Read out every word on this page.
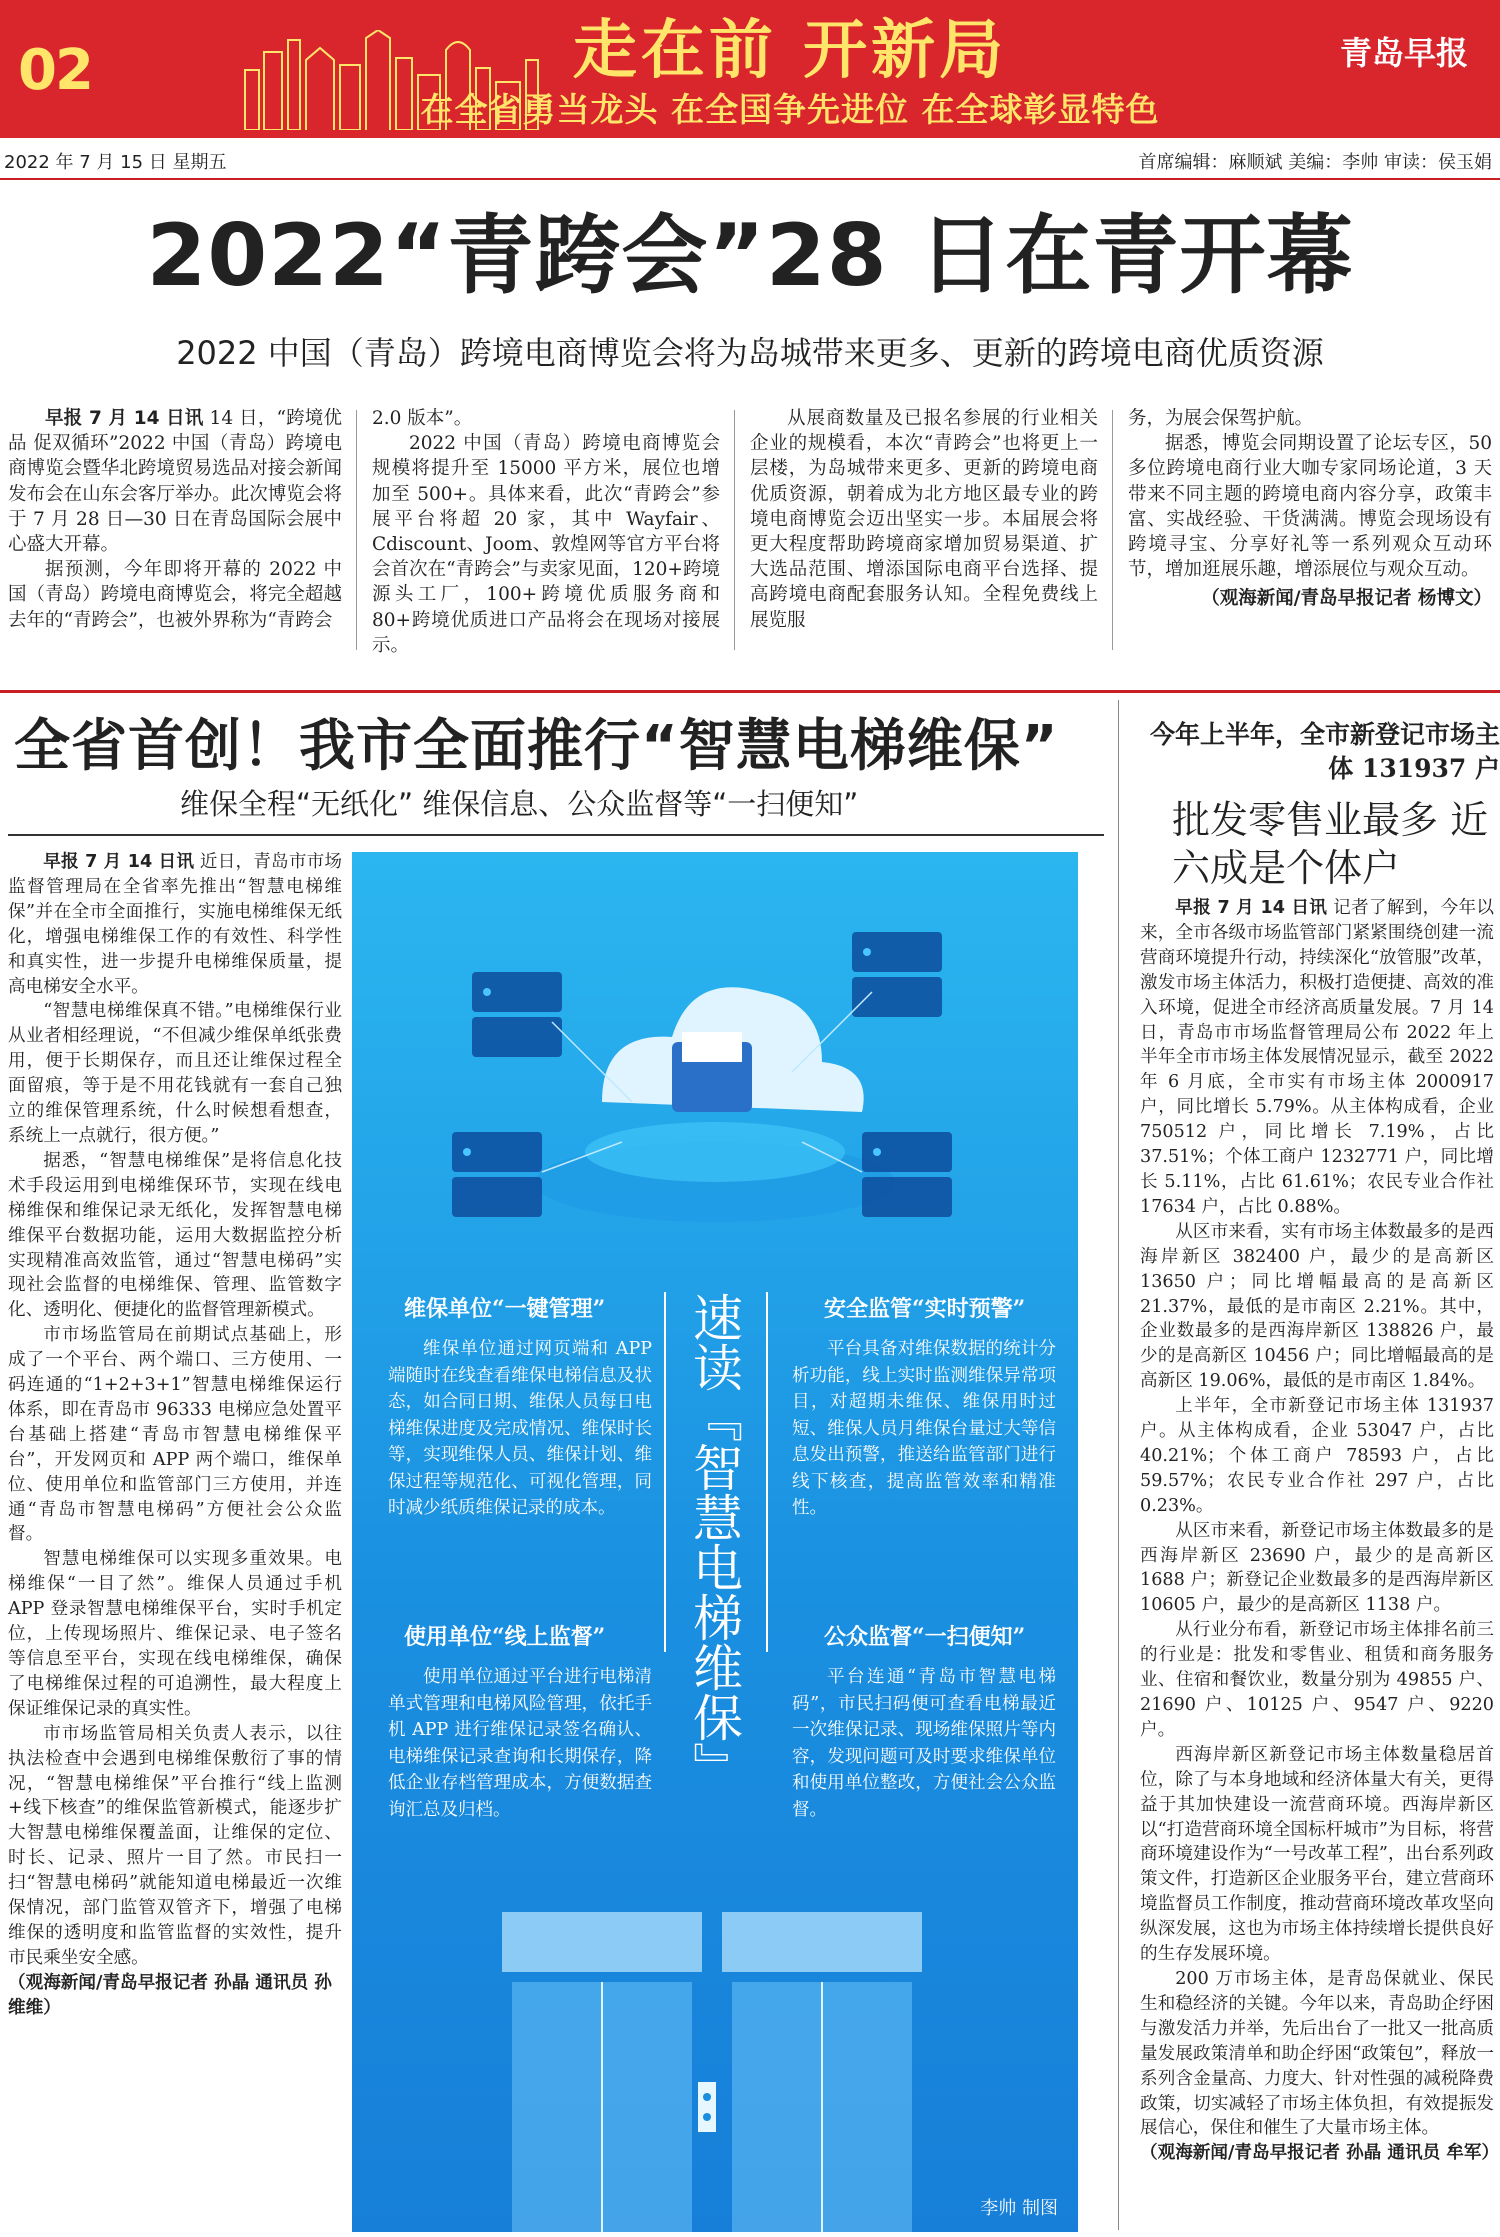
02	走在前 开新局
在全省勇当龙头 在全国争先进位 在全球彰显特色
青岛早报
2022 年 7 月 15 日 星期五	首席编辑：麻顺斌 美编：李帅 审读：侯玉娟
2022“青跨会”28 日在青开幕
2022 中国（青岛）跨境电商博览会将为岛城带来更多、更新的跨境电商优质资源

早报 7 月 14 日讯 14 日，“跨境优品 促双循环”2022 中国（青岛）跨境电商博览会暨华北跨境贸易选品对接会新闻发布会在山东会客厅举办。此次博览会将于 7 月 28 日—30 日在青岛国际会展中心盛大开幕。

据预测，今年即将开幕的 2022 中国（青岛）跨境电商博览会，将完全超越去年的“青跨会”，也被外界称为“青跨会

2.0 版本”。

2022 中国（青岛）跨境电商博览会规模将提升至 15000 平方米，展位也增加至 500+。具体来看，此次“青跨会”参展平台将超 20 家，其中 Wayfair、Cdiscount、Joom、敦煌网等官方平台将会首次在“青跨会”与卖家见面，120+跨境源头工厂，100+跨境优质服务商和 80+跨境优质进口产品将会在现场对接展示。

从展商数量及已报名参展的行业相关企业的规模看，本次“青跨会”也将更上一层楼，为岛城带来更多、更新的跨境电商优质资源，朝着成为北方地区最专业的跨境电商博览会迈出坚实一步。本届展会将更大程度帮助跨境商家增加贸易渠道、扩大选品范围、增添国际电商平台选择、提高跨境电商配套服务认知。全程免费线上展览服

务，为展会保驾护航。

据悉，博览会同期设置了论坛专区，50 多位跨境电商行业大咖专家同场论道，3 天带来不同主题的跨境电商内容分享，政策丰富、实战经验、干货满满。博览会现场设有跨境寻宝、分享好礼等一系列观众互动环节，增加逛展乐趣，增添展位与观众互动。

（观海新闻/青岛早报记者 杨博文）
全省首创！我市全面推行“智慧电梯维保”
维保全程“无纸化” 维保信息、公众监督等“一扫便知”

早报 7 月 14 日讯 近日，青岛市市场监督管理局在全省率先推出“智慧电梯维保”并在全市全面推行，实施电梯维保无纸化，增强电梯维保工作的有效性、科学性和真实性，进一步提升电梯维保质量，提高电梯安全水平。

“智慧电梯维保真不错。”电梯维保行业从业者相经理说，“不但减少维保单纸张费用，便于长期保存，而且还让维保过程全面留痕，等于是不用花钱就有一套自己独立的维保管理系统，什么时候想看想查，系统上一点就行，很方便。”

据悉，“智慧电梯维保”是将信息化技术手段运用到电梯维保环节，实现在线电梯维保和维保记录无纸化，发挥智慧电梯维保平台数据功能，运用大数据监控分析实现精准高效监管，通过“智慧电梯码”实现社会监督的电梯维保、管理、监管数字化、透明化、便捷化的监督管理新模式。

市市场监管局在前期试点基础上，形成了一个平台、两个端口、三方使用、一码连通的“1+2+3+1”智慧电梯维保运行体系，即在青岛市 96333 电梯应急处置平台基础上搭建“青岛市智慧电梯维保平台”，开发网页和 APP 两个端口，维保单位、使用单位和监管部门三方使用，并连通“青岛市智慧电梯码”方便社会公众监督。

智慧电梯维保可以实现多重效果。电梯维保“一目了然”。维保人员通过手机 APP 登录智慧电梯维保平台，实时手机定位，上传现场照片、维保记录、电子签名等信息至平台，实现在线电梯维保，确保了电梯维保过程的可追溯性，最大程度上保证维保记录的真实性。

市市场监管局相关负责人表示，以往执法检查中会遇到电梯维保敷衍了事的情况，“智慧电梯维保”平台推行“线上监测+线下核查”的维保监管新模式，能逐步扩大智慧电梯维保覆盖面，让维保的定位、时长、记录、照片一目了然。市民扫一扫“智慧电梯码”就能知道电梯最近一次维保情况，部门监管双管齐下，增强了电梯维保的透明度和监管监督的实效性，提升市民乘坐安全感。

（观海新闻/青岛早报记者 孙晶 通讯员 孙维维）
速读『智慧电梯维保』
维保单位“一键管理”
维保单位通过网页端和 APP 端随时在线查看维保电梯信息及状态，如合同日期、维保人员每日电梯维保进度及完成情况、维保时长等，实现维保人员、维保计划、维保过程等规范化、可视化管理，同时减少纸质维保记录的成本。
安全监管“实时预警”
平台具备对维保数据的统计分析功能，线上实时监测维保异常项目，对超期未维保、维保用时过短、维保人员月维保台量过大等信息发出预警，推送给监管部门进行线下核查，提高监管效率和精准性。
使用单位“线上监督”
使用单位通过平台进行电梯清单式管理和电梯风险管理，依托手机 APP 进行维保记录签名确认、电梯维保记录查询和长期保存，降低企业存档管理成本，方便数据查询汇总及归档。
公众监督“一扫便知”
平台连通“青岛市智慧电梯码”，市民扫码便可查看电梯最近一次维保记录、现场维保照片等内容，发现问题可及时要求维保单位和使用单位整改，方便社会公众监督。
李帅 制图
今年上半年，全市新登记市场主体 131937 户
批发零售业最多 近六成是个体户

早报 7 月 14 日讯 记者了解到，今年以来，全市各级市场监管部门紧紧围绕创建一流营商环境提升行动，持续深化“放管服”改革，激发市场主体活力，积极打造便捷、高效的准入环境，促进全市经济高质量发展。7 月 14 日，青岛市市场监督管理局公布 2022 年上半年全市市场主体发展情况显示，截至 2022 年 6 月底，全市实有市场主体 2000917 户，同比增长 5.79%。从主体构成看，企业 750512 户，同比增长 7.19%，占比 37.51%；个体工商户 1232771 户，同比增长 5.11%，占比 61.61%；农民专业合作社 17634 户，占比 0.88%。

从区市来看，实有市场主体数最多的是西海岸新区 382400 户，最少的是高新区 13650 户；同比增幅最高的是高新区 21.37%，最低的是市南区 2.21%。其中，企业数最多的是西海岸新区 138826 户，最少的是高新区 10456 户；同比增幅最高的是高新区 19.06%，最低的是市南区 1.84%。

上半年，全市新登记市场主体 131937 户。从主体构成看，企业 53047 户，占比 40.21%；个体工商户 78593 户，占比 59.57%；农民专业合作社 297 户，占比 0.23%。

从区市来看，新登记市场主体数最多的是西海岸新区 23690 户，最少的是高新区 1688 户；新登记企业数最多的是西海岸新区 10605 户，最少的是高新区 1138 户。

从行业分布看，新登记市场主体排名前三的行业是：批发和零售业、租赁和商务服务业、住宿和餐饮业，数量分别为 49855 户、21690 户、10125 户、9547 户、9220 户。

西海岸新区新登记市场主体数量稳居首位，除了与本身地域和经济体量大有关，更得益于其加快建设一流营商环境。西海岸新区以“打造营商环境全国标杆城市”为目标，将营商环境建设作为“一号改革工程”，出台系列政策文件，打造新区企业服务平台，建立营商环境监督员工作制度，推动营商环境改革攻坚向纵深发展，这也为市场主体持续增长提供良好的生存发展环境。

200 万市场主体，是青岛保就业、保民生和稳经济的关键。今年以来，青岛助企纾困与激发活力并举，先后出台了一批又一批高质量发展政策清单和助企纾困“政策包”，释放一系列含金量高、力度大、针对性强的减税降费政策，切实减轻了市场主体负担，有效提振发展信心，保住和催生了大量市场主体。

（观海新闻/青岛早报记者 孙晶 通讯员 牟军）
